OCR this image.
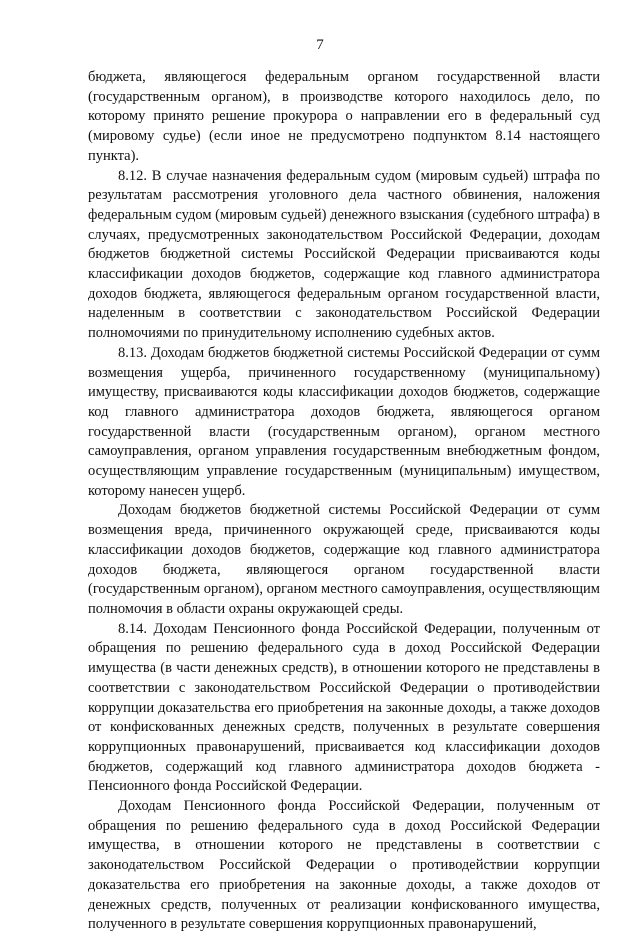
7

бюджета, являющегося федеральным органом государственной власти (государственным органом), в производстве которого находилось дело, по которому принято решение прокурора о направлении его в федеральный суд (мировому судье) (если иное не предусмотрено подпунктом 8.14 настоящего пункта).

8.12. В случае назначения федеральным судом (мировым судьей) штрафа по результатам рассмотрения уголовного дела частного обвинения, наложения федеральным судом (мировым судьей) денежного взыскания (судебного штрафа) в случаях, предусмотренных законодательством Российской Федерации, доходам бюджетов бюджетной системы Российской Федерации присваиваются коды классификации доходов бюджетов, содержащие код главного администратора доходов бюджета, являющегося федеральным органом государственной власти, наделенным в соответствии с законодательством Российской Федерации полномочиями по принудительному исполнению судебных актов.

8.13. Доходам бюджетов бюджетной системы Российской Федерации от сумм возмещения ущерба, причиненного государственному (муниципальному) имуществу, присваиваются коды классификации доходов бюджетов, содержащие код главного администратора доходов бюджета, являющегося органом государственной власти (государственным органом), органом местного самоуправления, органом управления государственным внебюджетным фондом, осуществляющим управление государственным (муниципальным) имуществом, которому нанесен ущерб.

Доходам бюджетов бюджетной системы Российской Федерации от сумм возмещения вреда, причиненного окружающей среде, присваиваются коды классификации доходов бюджетов, содержащие код главного администратора доходов бюджета, являющегося органом государственной власти (государственным органом), органом местного самоуправления, осуществляющим полномочия в области охраны окружающей среды.

8.14. Доходам Пенсионного фонда Российской Федерации, полученным от обращения по решению федерального суда в доход Российской Федерации имущества (в части денежных средств), в отношении которого не представлены в соответствии с законодательством Российской Федерации о противодействии коррупции доказательства его приобретения на законные доходы, а также доходов от конфискованных денежных средств, полученных в результате совершения коррупционных правонарушений, присваивается код классификации доходов бюджетов, содержащий код главного администратора доходов бюджета - Пенсионного фонда Российской Федерации.

Доходам Пенсионного фонда Российской Федерации, полученным от обращения по решению федерального суда в доход Российской Федерации имущества, в отношении которого не представлены в соответствии с законодательством Российской Федерации о противодействии коррупции доказательства его приобретения на законные доходы, а также доходов от денежных средств, полученных от реализации конфискованного имущества, полученного в результате совершения коррупционных правонарушений,
